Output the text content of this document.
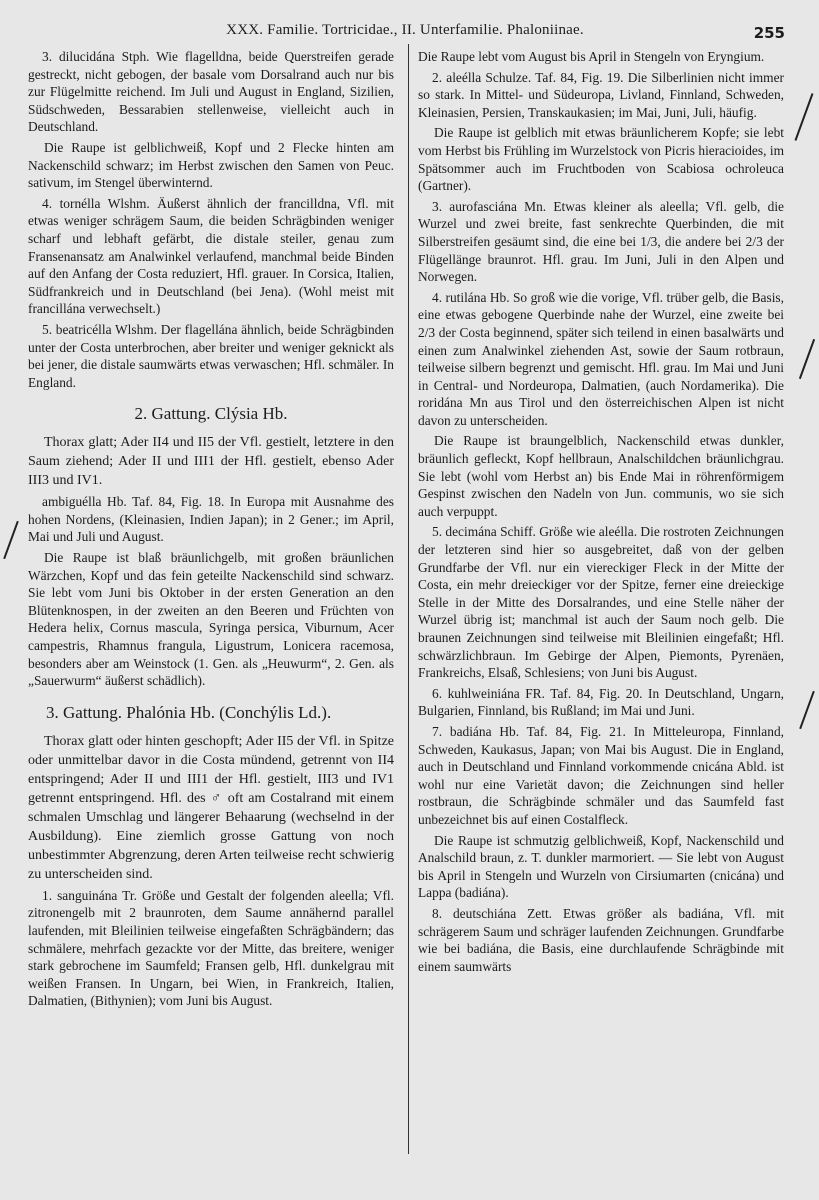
XXX. Familie. Tortricidae., II. Unterfamilie. Phaloniinae.	255

3. dilucidána Stph. Wie flagelldna, beide Querstreifen gerade gestreckt, nicht gebogen, der basale vom Dorsalrand auch nur bis zur Flügelmitte reichend. Im Juli und August in England, Sizilien, Südschweden, Bessarabien stellenweise, vielleicht auch in Deutschland.

Die Raupe ist gelblichweiß, Kopf und 2 Flecke hinten am Nackenschild schwarz; im Herbst zwischen den Samen von Peuc. sativum, im Stengel überwinternd.

4. tornélla Wlshm. Äußerst ähnlich der francilldna, Vfl. mit etwas weniger schrägem Saum, die beiden Schrägbinden weniger scharf und lebhaft gefärbt, die distale steiler, genau zum Fransenansatz am Analwinkel verlaufend, manchmal beide Binden auf den Anfang der Costa reduziert, Hfl. grauer. In Corsica, Italien, Südfrankreich und in Deutschland (bei Jena). (Wohl meist mit francillána verwechselt.)

5. beatricélla Wlshm. Der flagellána ähnlich, beide Schrägbinden unter der Costa unterbrochen, aber breiter und weniger geknickt als bei jener, die distale saumwärts etwas verwaschen; Hfl. schmäler. In England.

2. Gattung. Clýsia Hb.

Thorax glatt; Ader II4 und II5 der Vfl. gestielt, letztere in den Saum ziehend; Ader II und III1 der Hfl. gestielt, ebenso Ader III3 und IV1.

ambiguélla Hb. Taf. 84, Fig. 18. In Europa mit Ausnahme des hohen Nordens, (Kleinasien, Indien Japan); in 2 Gener.; im April, Mai und Juli und August.

Die Raupe ist blaß bräunlichgelb, mit großen bräunlichen Wärzchen, Kopf und das fein geteilte Nackenschild sind schwarz. Sie lebt vom Juni bis Oktober in der ersten Generation an den Blütenknospen, in der zweiten an den Beeren und Früchten von Hedera helix, Cornus mascula, Syringa persica, Viburnum, Acer campestris, Rhamnus frangula, Ligustrum, Lonicera racemosa, besonders aber am Weinstock (1. Gen. als „Heuwurm“, 2. Gen. als „Sauerwurm“ äußerst schädlich).

3. Gattung. Phalónia Hb. (Conchýlis Ld.).

Thorax glatt oder hinten geschopft; Ader II5 der Vfl. in Spitze oder unmittelbar davor in die Costa mündend, getrennt von II4 entspringend; Ader II und III1 der Hfl. gestielt, III3 und IV1 getrennt entspringend. Hfl. des ♂ oft am Costalrand mit einem schmalen Umschlag und längerer Behaarung (wechselnd in der Ausbildung). Eine ziemlich grosse Gattung von noch unbestimmter Abgrenzung, deren Arten teilweise recht schwierig zu unterscheiden sind.

1. sanguinána Tr. Größe und Gestalt der folgenden aleella; Vfl. zitronengelb mit 2 braunroten, dem Saume annähernd parallel laufenden, mit Bleilinien teilweise eingefaßten Schrägbändern; das schmälere, mehrfach gezackte vor der Mitte, das breitere, weniger stark gebrochene im Saumfeld; Fransen gelb, Hfl. dunkelgrau mit weißen Fransen. In Ungarn, bei Wien, in Frankreich, Italien, Dalmatien, (Bithynien); vom Juni bis August.

Die Raupe lebt vom August bis April in Stengeln von Eryngium.

2. aleélla Schulze. Taf. 84, Fig. 19. Die Silberlinien nicht immer so stark. In Mittel- und Südeuropa, Livland, Finnland, Schweden, Kleinasien, Persien, Transkaukasien; im Mai, Juni, Juli, häufig.

Die Raupe ist gelblich mit etwas bräunlicherem Kopfe; sie lebt vom Herbst bis Frühling im Wurzelstock von Picris hieracioides, im Spätsommer auch im Fruchtboden von Scabiosa ochroleuca (Gartner).

3. aurofasciána Mn. Etwas kleiner als aleella; Vfl. gelb, die Wurzel und zwei breite, fast senkrechte Querbinden, die mit Silberstreifen gesäumt sind, die eine bei 1/3, die andere bei 2/3 der Flügellänge braunrot. Hfl. grau. Im Juni, Juli in den Alpen und Norwegen.

4. rutilána Hb. So groß wie die vorige, Vfl. trüber gelb, die Basis, eine etwas gebogene Querbinde nahe der Wurzel, eine zweite bei 2/3 der Costa beginnend, später sich teilend in einen basalwärts und einen zum Analwinkel ziehenden Ast, sowie der Saum rotbraun, teilweise silbern begrenzt und gemischt. Hfl. grau. Im Mai und Juni in Central- und Nordeuropa, Dalmatien, (auch Nordamerika). Die roridána Mn aus Tirol und den österreichischen Alpen ist nicht davon zu unterscheiden.

Die Raupe ist braungelblich, Nackenschild etwas dunkler, bräunlich gefleckt, Kopf hellbraun, Analschildchen bräunlichgrau. Sie lebt (wohl vom Herbst an) bis Ende Mai in röhrenförmigem Gespinst zwischen den Nadeln von Jun. communis, wo sie sich auch verpuppt.

5. decimána Schiff. Größe wie aleélla. Die rostroten Zeichnungen der letzteren sind hier so ausgebreitet, daß von der gelben Grundfarbe der Vfl. nur ein viereckiger Fleck in der Mitte der Costa, ein mehr dreieckiger vor der Spitze, ferner eine dreieckige Stelle in der Mitte des Dorsalrandes, und eine Stelle näher der Wurzel übrig ist; manchmal ist auch der Saum noch gelb. Die braunen Zeichnungen sind teilweise mit Bleilinien eingefaßt; Hfl. schwärzlichbraun. Im Gebirge der Alpen, Piemonts, Pyrenäen, Frankreichs, Elsaß, Schlesiens; von Juni bis August.

6. kuhlweiniána FR. Taf. 84, Fig. 20. In Deutschland, Ungarn, Bulgarien, Finnland, bis Rußland; im Mai und Juni.

7. badiána Hb. Taf. 84, Fig. 21. In Mitteleuropa, Finnland, Schweden, Kaukasus, Japan; von Mai bis August. Die in England, auch in Deutschland und Finnland vorkommende cnicána Abld. ist wohl nur eine Varietät davon; die Zeichnungen sind heller rostbraun, die Schrägbinde schmäler und das Saumfeld fast unbezeichnet bis auf einen Costalfleck.

Die Raupe ist schmutzig gelblichweiß, Kopf, Nackenschild und Analschild braun, z. T. dunkler marmoriert. — Sie lebt von August bis April in Stengeln und Wurzeln von Cirsiumarten (cnicána) und Lappa (badiána).

8. deutschiána Zett. Etwas größer als badiána, Vfl. mit schrägerem Saum und schräger laufenden Zeichnungen. Grundfarbe wie bei badiána, die Basis, eine durchlaufende Schrägbinde mit einem saumwärts
